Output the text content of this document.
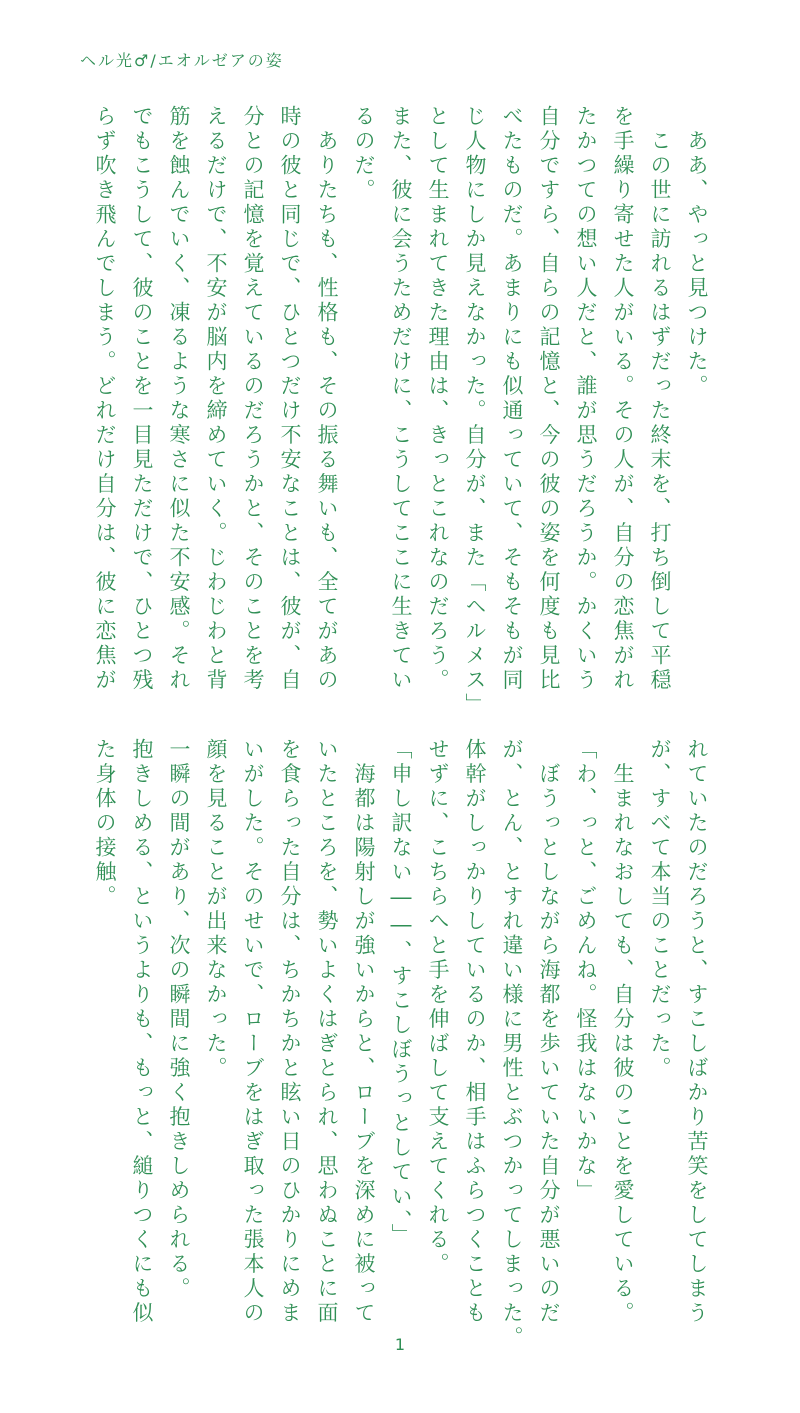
ヘル光♂/エオルゼアの姿
　ああ、やっと見つけた。
　この世に訪れるはずだった終末を、打ち倒して平穏
を手繰り寄せた人がいる。その人が、自分の恋焦がれ
たかつての想い人だと、誰が思うだろうか。かくいう
自分ですら、自らの記憶と、今の彼の姿を何度も見比
べたものだ。あまりにも似通っていて、そもそもが同
じ人物にしか見えなかった。自分が、また「ヘルメス」
として生まれてきた理由は、きっとこれなのだろう。
また、彼に会うためだけに、こうしてここに生きてい
るのだ。
　ありたちも、性格も、その振る舞いも、全てがあの
時の彼と同じで、ひとつだけ不安なことは、彼が、自
分との記憶を覚えているのだろうかと、そのことを考
えるだけで、不安が脳内を締めていく。じわじわと背
筋を蝕んでいく、凍るような寒さに似た不安感。それ
でもこうして、彼のことを一目見ただけで、ひとつ残
らず吹き飛んでしまう。どれだけ自分は、彼に恋焦が
れていたのだろうと、すこしばかり苦笑をしてしまう
が、すべて本当のことだった。
　生まれなおしても、自分は彼のことを愛している。
「わ、っと、ごめんね。怪我はないかな」
　ぼうっとしながら海都を歩いていた自分が悪いのだ
が、とん、とすれ違い様に男性とぶつかってしまった。
体幹がしっかりしているのか、相手はふらつくことも
せずに、こちらへと手を伸ばして支えてくれる。
「申し訳ない――、すこしぼうっとしてい、」
　海都は陽射しが強いからと、ローブを深めに被って
いたところを、勢いよくはぎとられ、思わぬことに面
を食らった自分は、ちかちかと眩い日のひかりにめま
いがした。そのせいで、ローブをはぎ取った張本人の
顔を見ることが出来なかった。
一瞬の間があり、次の瞬間に強く抱きしめられる。
抱きしめる、というよりも、もっと、縋りつくにも似
た身体の接触。
1
